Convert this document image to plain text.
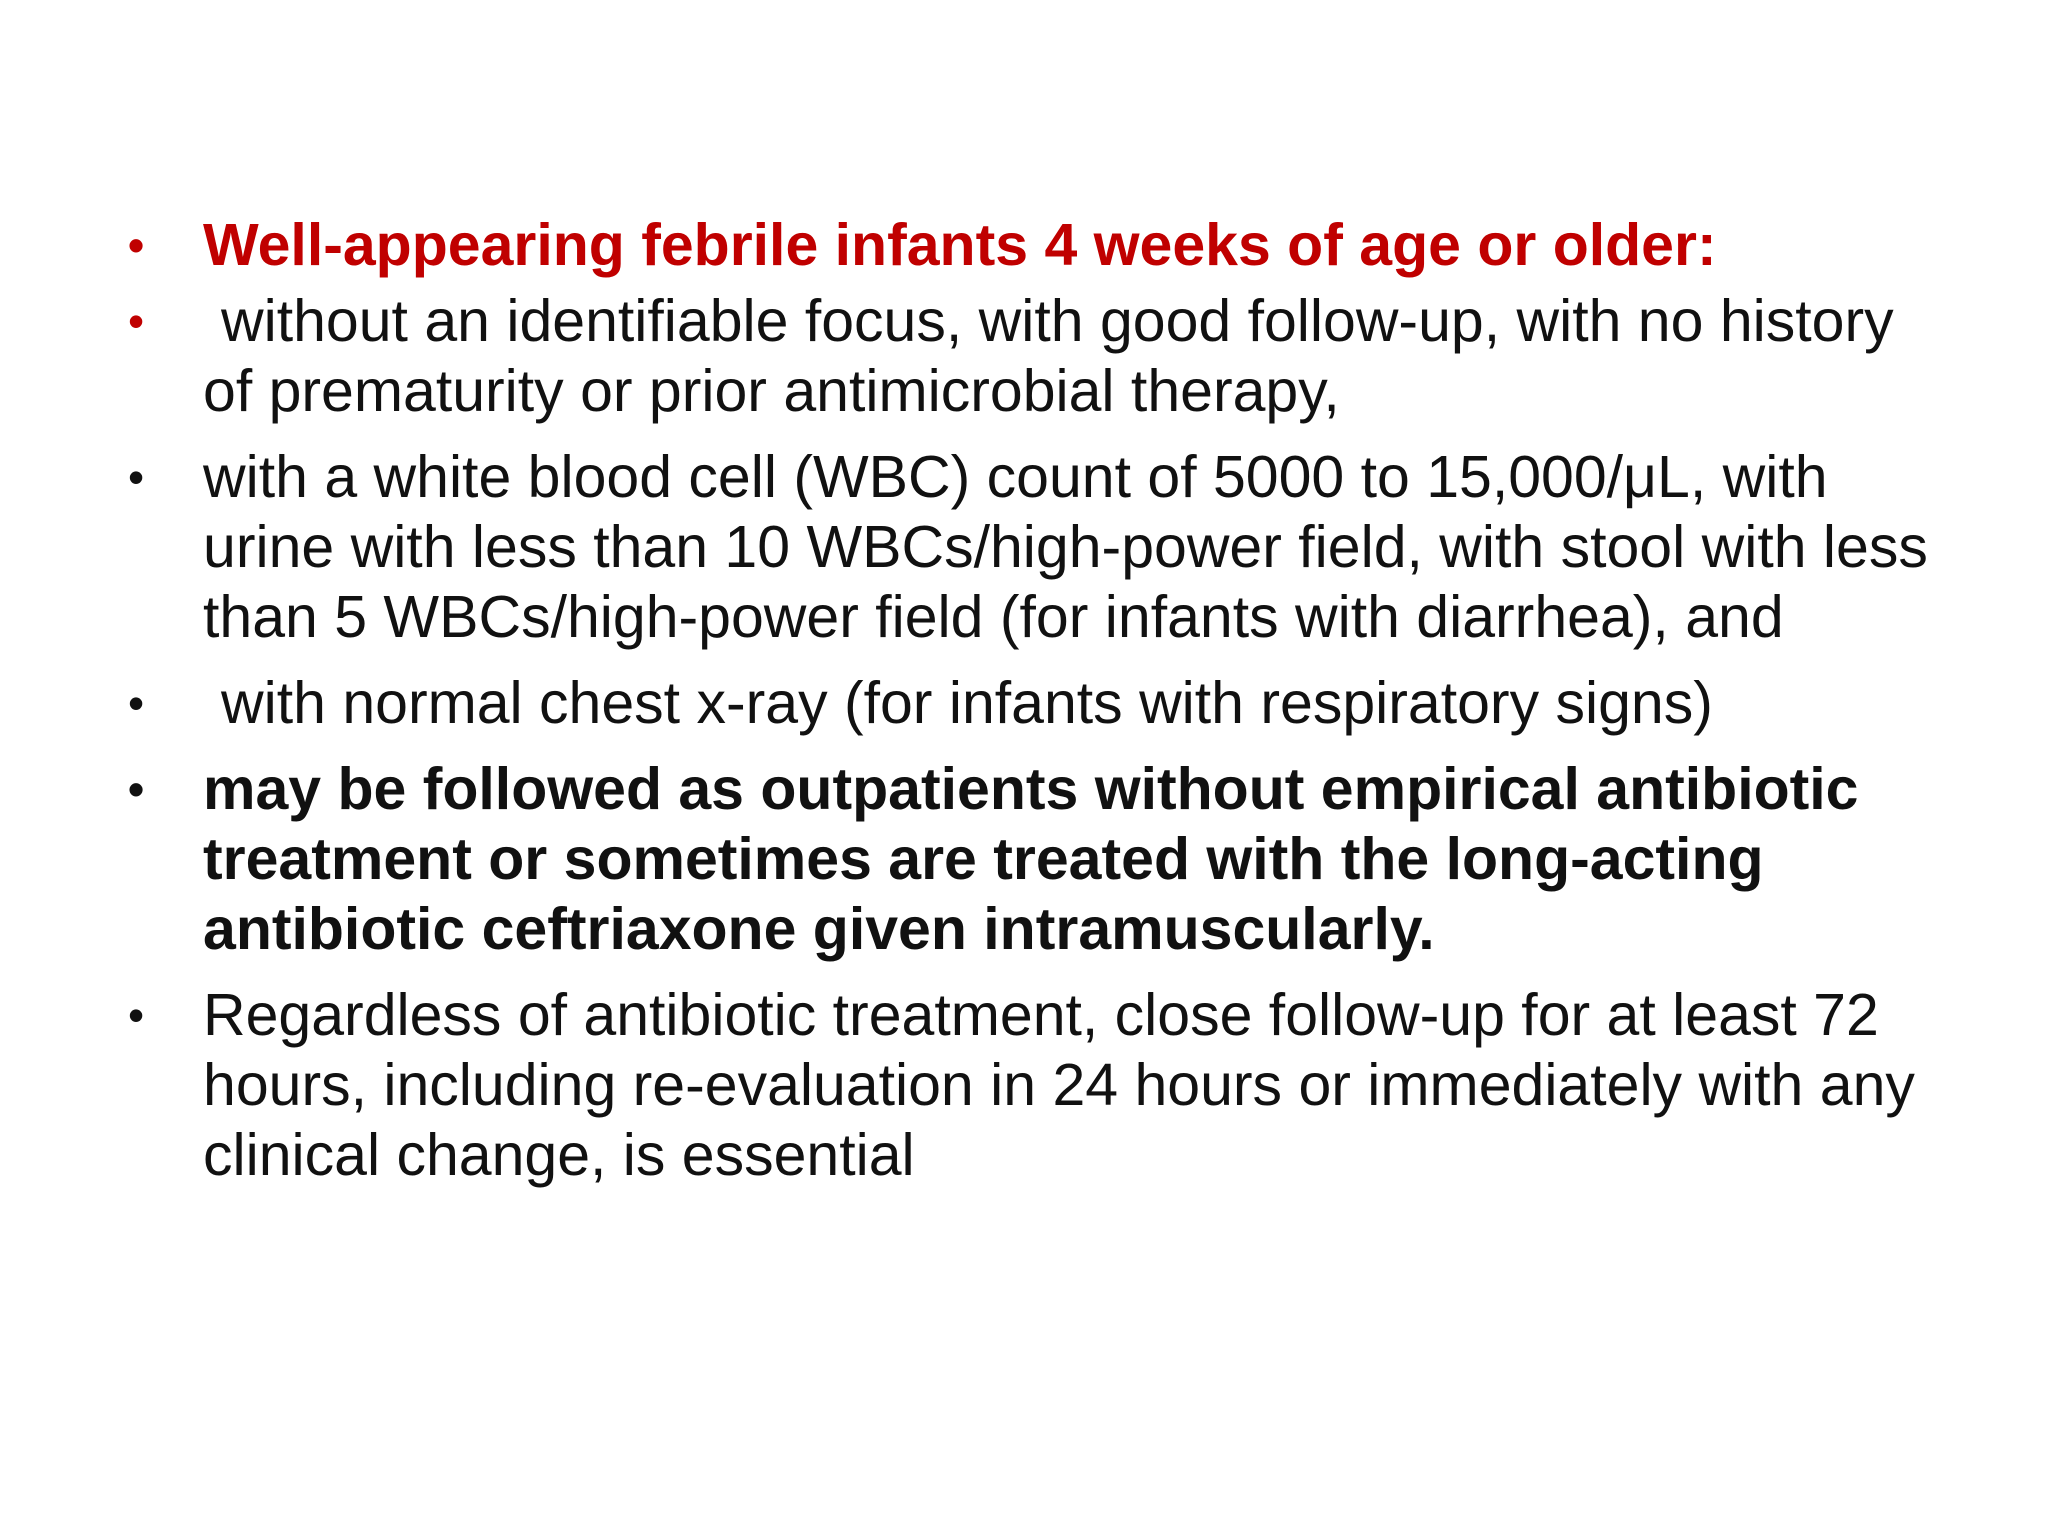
• Well-appearing febrile infants 4 weeks of age or older:
•	without an identifiable focus, with good follow-up, with no history of prematurity or prior antimicrobial therapy,
• with a white blood cell (WBC) count of 5000 to 15,000/μL, with urine with less than 10 WBCs/high-power field, with stool with less than 5 WBCs/high-power field (for infants with diarrhea), and
•	with normal chest x-ray (for infants with respiratory signs)
• may be followed as outpatients without empirical antibiotic treatment or sometimes are treated with the long-acting antibiotic ceftriaxone given intramuscularly.
• Regardless of antibiotic treatment, close follow-up for at least 72 hours, including re-evaluation in 24 hours or immediately with any clinical change, is essential
